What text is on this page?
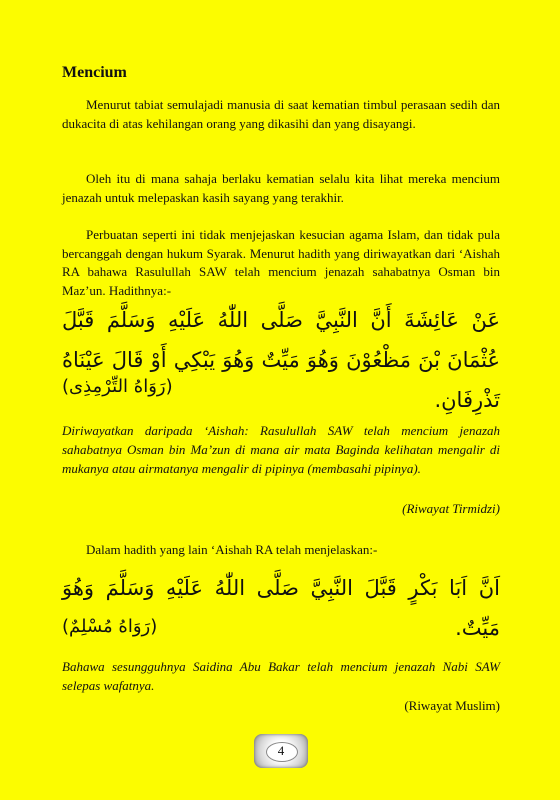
Mencium

Menurut tabiat semulajadi manusia di saat kematian timbul perasaan sedih dan dukacita di atas kehilangan orang yang dikasihi dan yang disayangi.

Oleh itu di mana sahaja berlaku kematian selalu kita lihat mereka mencium jenazah untuk melepaskan kasih sayang yang terakhir.

Perbuatan seperti ini tidak menjejaskan kesucian agama Islam, dan tidak pula bercanggah dengan hukum Syarak. Menurut hadith yang diriwayatkan dari ‘Aishah RA bahawa Rasulullah SAW telah mencium jenazah sahabatnya Osman bin Maz’un. Hadithnya:-

عَنْ عَائِشَةَ أَنَّ النَّبِيَّ صَلَّى اللّٰهُ عَلَيْهِ وَسَلَّمَ قَبَّلَ عُثْمَانَ بْنَ مَظْعُوْنَ وَهُوَ مَيِّتٌ وَهُوَ يَبْكِي أَوْ قَالَ عَيْنَاهُ تَذْرِفَانِ.

(رَوَاهُ التِّرْمِذِى)

Diriwayatkan daripada ‘Aishah: Rasulullah SAW telah mencium jenazah sahabatnya Osman bin Ma’zun di mana air mata Baginda kelihatan mengalir di mukanya atau airmatanya mengalir di pipinya (membasahi pipinya).

(Riwayat Tirmidzi)

Dalam hadith yang lain ‘Aishah RA telah menjelaskan:-

اَنَّ اَبَا بَكْرٍ قَبَّلَ النَّبِيَّ صَلَّى اللّٰهُ عَلَيْهِ وَسَلَّمَ وَهُوَ مَيِّتٌ.

(رَوَاهُ مُسْلِمٌ)

Bahawa sesungguhnya Saidina Abu Bakar telah mencium jenazah Nabi SAW selepas wafatnya.

(Riwayat Muslim)
4
